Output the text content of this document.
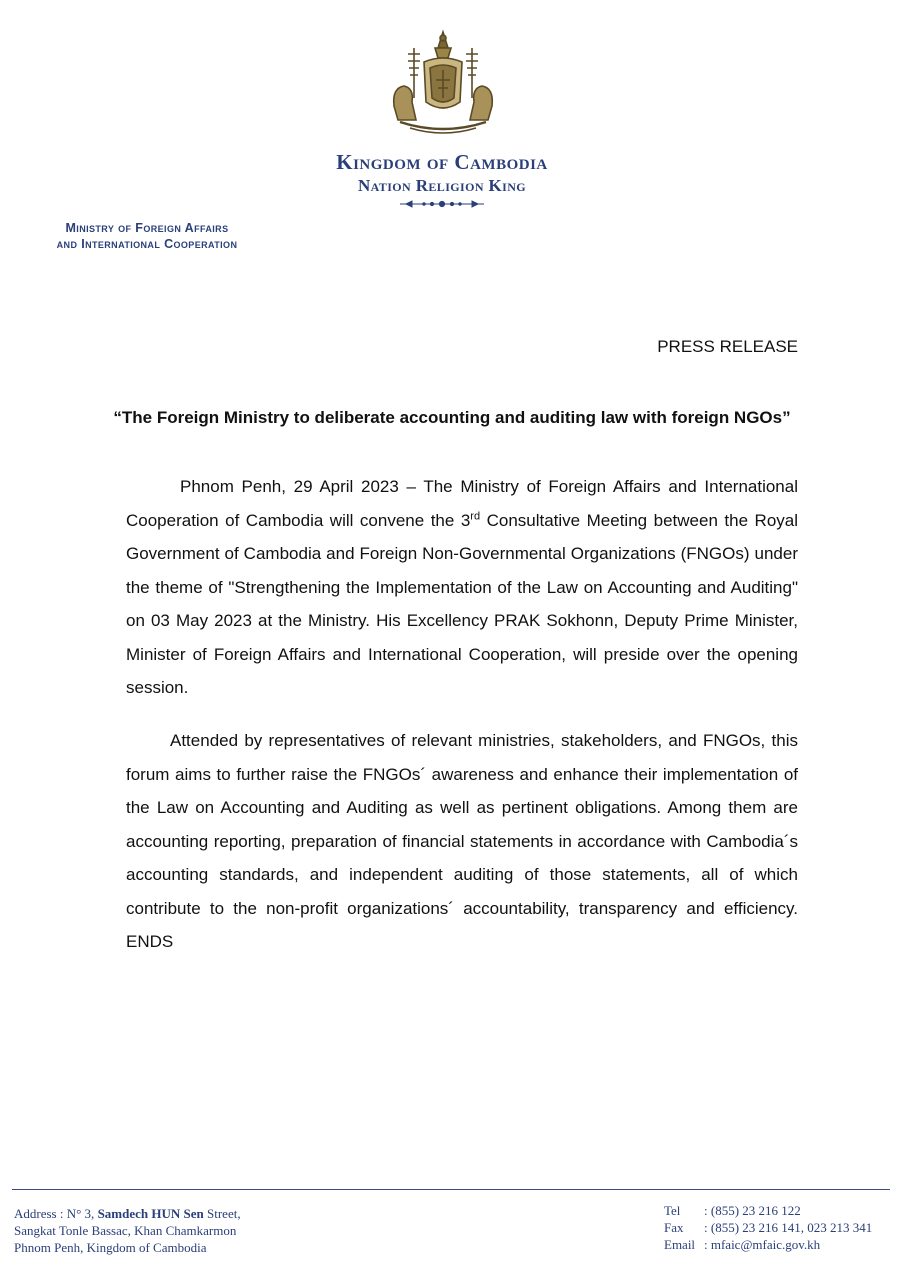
Kingdom of Cambodia
Nation Religion King
Ministry of Foreign Affairs
and International Cooperation
PRESS RELEASE
“The Foreign Ministry to deliberate accounting and auditing law with foreign NGOs”

Phnom Penh, 29 April 2023 – The Ministry of Foreign Affairs and International Cooperation of Cambodia will convene the 3rd Consultative Meeting between the Royal Government of Cambodia and Foreign Non-Governmental Organizations (FNGOs) under the theme of "Strengthening the Implementation of the Law on Accounting and Auditing" on 03 May 2023 at the Ministry. His Excellency PRAK Sokhonn, Deputy Prime Minister, Minister of Foreign Affairs and International Cooperation, will preside over the opening session.

Attended by representatives of relevant ministries, stakeholders, and FNGOs, this forum aims to further raise the FNGOs´ awareness and enhance their implementation of the Law on Accounting and Auditing as well as pertinent obligations. Among them are accounting reporting, preparation of financial statements in accordance with Cambodia´s accounting standards, and independent auditing of those statements, all of which contribute to the non-profit organizations´ accountability, transparency and efficiency. ENDS

Address : N° 3, Samdech HUN Sen Street,
Sangkat Tonle Bassac, Khan Chamkarmon
Phnom Penh, Kingdom of Cambodia
Tel : (855) 23 216 122
Fax : (855) 23 216 141, 023 213 341
Email : mfaic@mfaic.gov.kh
